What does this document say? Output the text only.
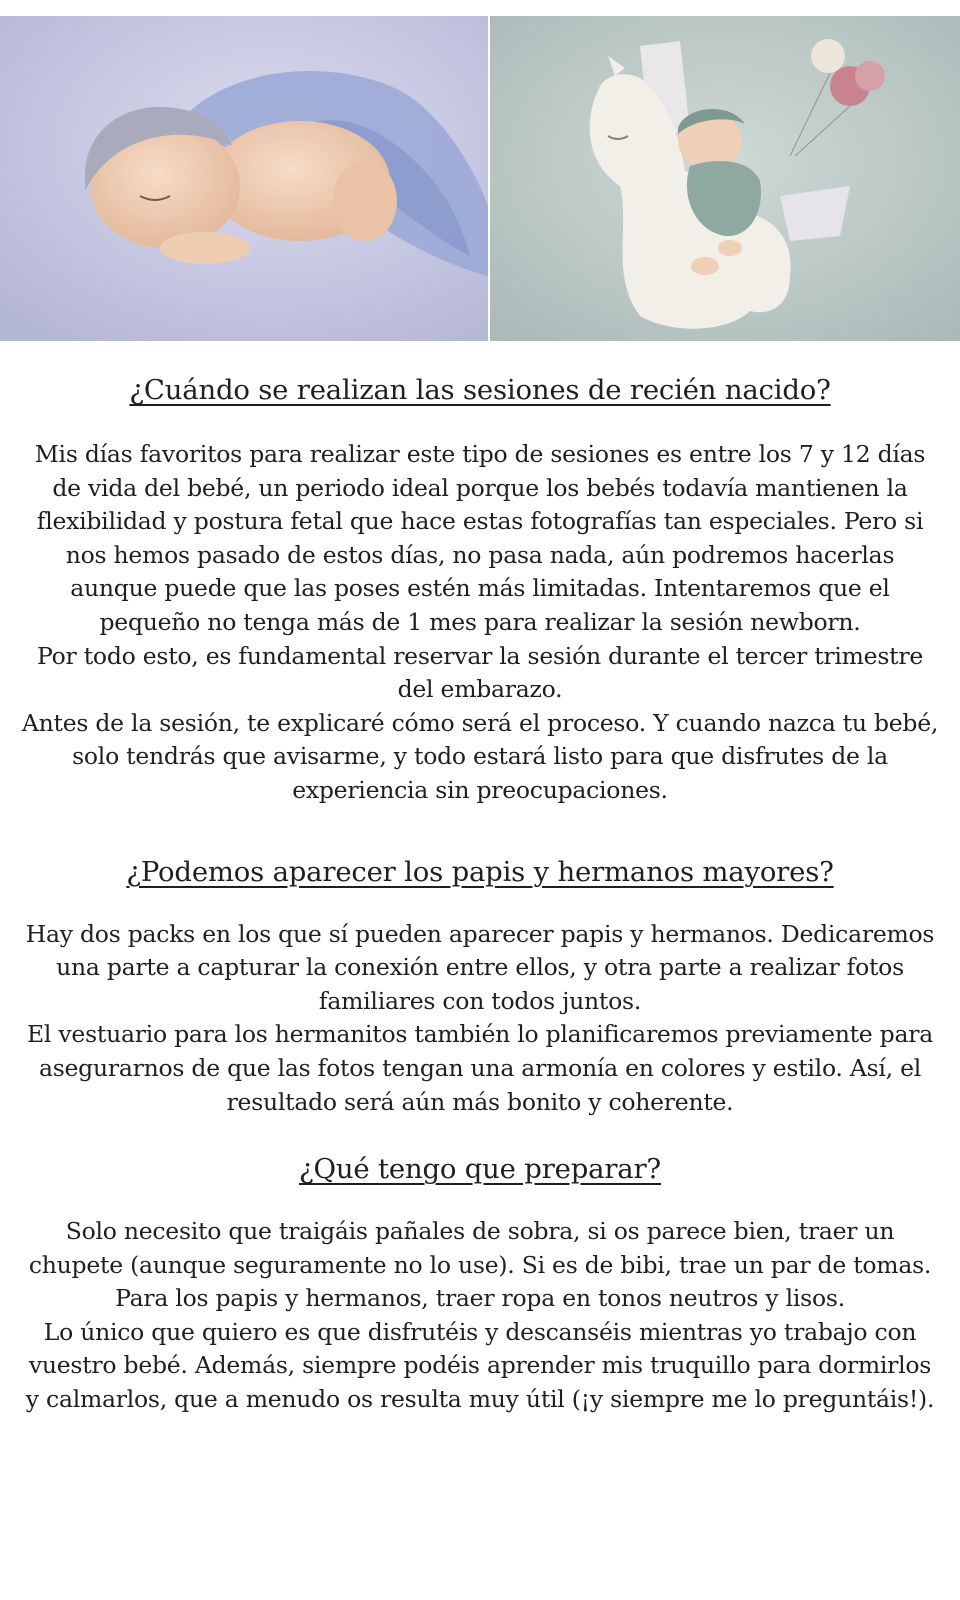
¿Cuándo se realizan las sesiones de recién nacido?

Mis días favoritos para realizar este tipo de sesiones es entre los 7 y 12 días de vida del bebé, un periodo ideal porque los bebés todavía mantienen la flexibilidad y postura fetal que hace estas fotografías tan especiales. Pero si nos hemos pasado de estos días, no pasa nada, aún podremos hacerlas aunque puede que las poses estén más limitadas. Intentaremos que el pequeño no tenga más de 1 mes para realizar la sesión newborn.

Por todo esto, es fundamental reservar la sesión durante el tercer trimestre del embarazo.

Antes de la sesión, te explicaré cómo será el proceso. Y cuando nazca tu bebé, solo tendrás que avisarme, y todo estará listo para que disfrutes de la experiencia sin preocupaciones.

¿Podemos aparecer los papis y hermanos mayores?

Hay dos packs en los que sí pueden aparecer papis y hermanos. Dedicaremos una parte a capturar la conexión entre ellos, y otra parte a realizar fotos familiares con todos juntos.

El vestuario para los hermanitos también lo planificaremos previamente para asegurarnos de que las fotos tengan una armonía en colores y estilo. Así, el resultado será aún más bonito y coherente.

¿Qué tengo que preparar?

Solo necesito que traigáis pañales de sobra, si os parece bien, traer un chupete (aunque seguramente no lo use). Si es de bibi, trae un par de tomas.

Para los papis y hermanos, traer ropa en tonos neutros y lisos.

Lo único que quiero es que disfrutéis y descanséis mientras yo trabajo con vuestro bebé. Además, siempre podéis aprender mis truquillo para dormirlos y calmarlos, que a menudo os resulta muy útil (¡y siempre me lo preguntáis!).
